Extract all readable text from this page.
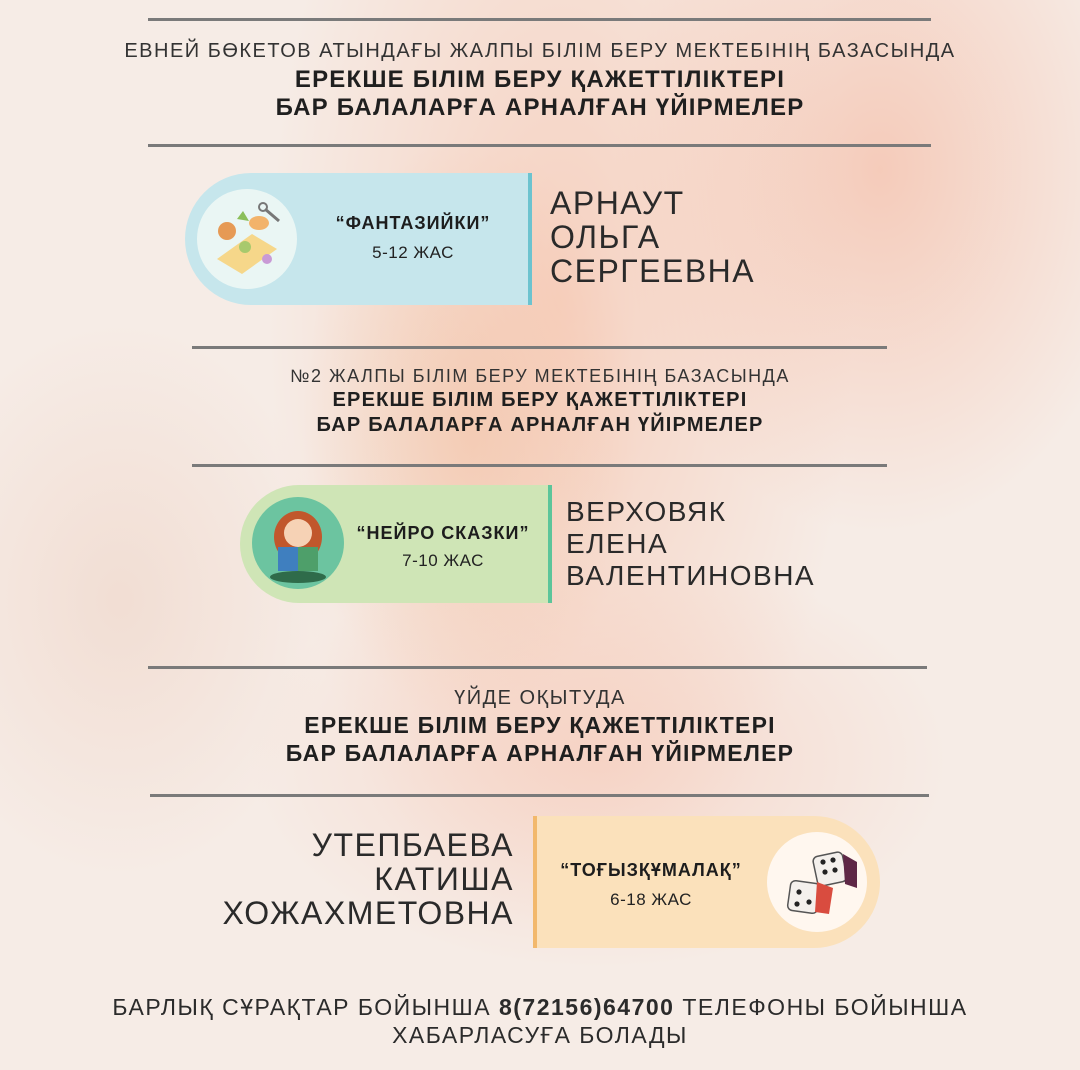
ЕВНЕЙ БӨКЕТОВ АТЫНДАҒЫ ЖАЛПЫ БІЛІМ БЕРУ МЕКТЕБІНІҢ БАЗАСЫНДА
ЕРЕКШЕ БІЛІМ БЕРУ ҚАЖЕТТІЛІКТЕРІ
БАР БАЛАЛАРҒА АРНАЛҒАН ҮЙІРМЕЛЕР
“ФАНТАЗИЙКИ”
5-12 ЖАС
АРНАУТ
ОЛЬГА
СЕРГЕЕВНА
№2 ЖАЛПЫ БІЛІМ БЕРУ МЕКТЕБІНІҢ БАЗАСЫНДА
ЕРЕКШЕ БІЛІМ БЕРУ ҚАЖЕТТІЛІКТЕРІ
БАР БАЛАЛАРҒА АРНАЛҒАН ҮЙІРМЕЛЕР
“НЕЙРО СКАЗКИ”
7-10 ЖАС
ВЕРХОВЯК
ЕЛЕНА
ВАЛЕНТИНОВНА
ҮЙДЕ ОҚЫТУДА
ЕРЕКШЕ БІЛІМ БЕРУ ҚАЖЕТТІЛІКТЕРІ
БАР БАЛАЛАРҒА АРНАЛҒАН ҮЙІРМЕЛЕР
УТЕПБАЕВА
КАТИША
ХОЖАХМЕТОВНА
“ТОҒЫЗҚҰМАЛАҚ”
6-18 ЖАС
БАРЛЫҚ СҰРАҚТАР БОЙЫНША 8(72156)64700 ТЕЛЕФОНЫ БОЙЫНША
ХАБАРЛАСУҒА БОЛАДЫ
